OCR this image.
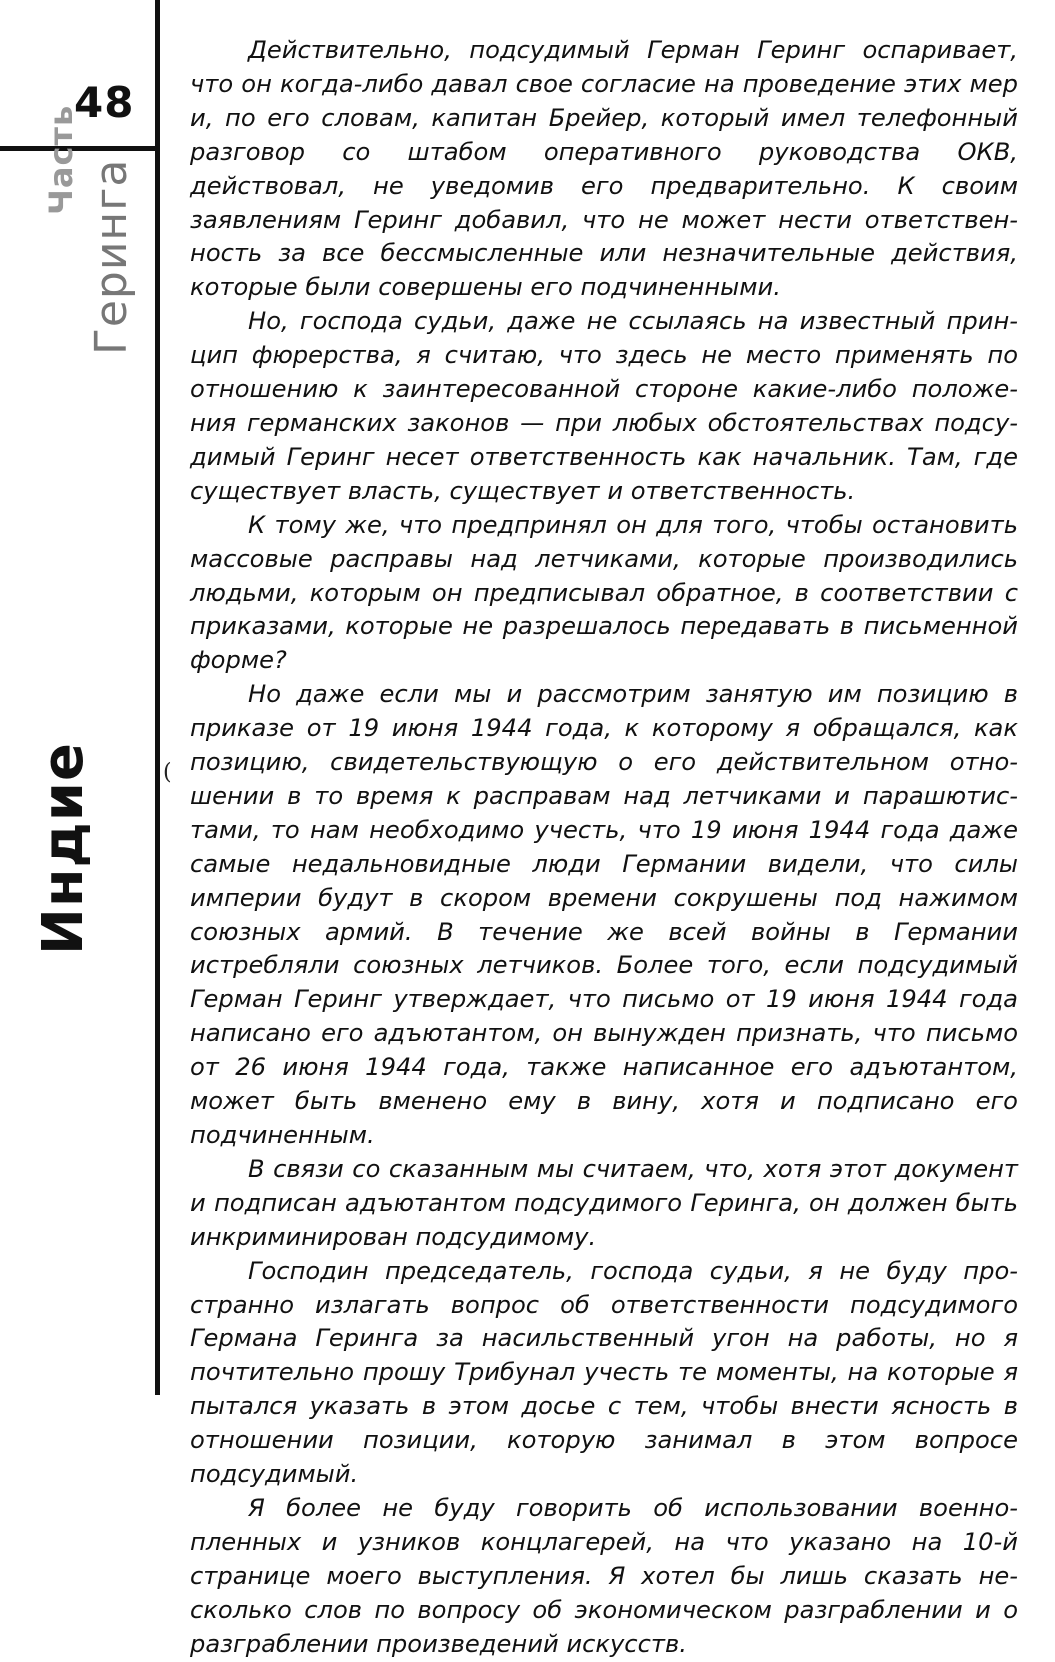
48
Часть Геринга
Индие	(

Действительно, подсудимый Герман Геринг оспаривает, что он когда-либо давал свое согласие на проведение этих мер и, по его словам, капитан Брейер, который имел телефонный разговор со штабом оперативного руководства ОКВ, действовал, не уведомив его предварительно. К своим заявлениям Геринг добавил, что не может нести ответственность за все бессмысленные или незначительные действия, которые были совершены его подчиненными.

Но, господа судьи, даже не ссылаясь на известный принцип фюрерства, я считаю, что здесь не место применять по отношению к заинтересованной стороне какие-либо положения германских законов — при любых обстоятельствах подсудимый Геринг несет ответственность как начальник. Там, где существует власть, существует и ответственность.

К тому же, что предпринял он для того, чтобы остановить массовые расправы над летчиками, которые производились людьми, которым он предписывал обратное, в соответствии с приказами, которые не разрешалось передавать в письменной форме?

Но даже если мы и рассмотрим занятую им позицию в приказе от 19 июня 1944 года, к которому я обращался, как позицию, свидетельствующую о его действительном отношении в то время к расправам над летчиками и парашютистами, то нам необходимо учесть, что 19 июня 1944 года даже самые недальновидные люди Германии видели, что силы империи будут в скором времени сокрушены под нажимом союзных армий. В течение же всей войны в Германии истребляли союзных летчиков. Более того, если подсудимый Герман Геринг утверждает, что письмо от 19 июня 1944 года написано его адъютантом, он вынужден признать, что письмо от 26 июня 1944 года, также написанное его адъютантом, может быть вменено ему в вину, хотя и подписано его подчиненным.

В связи со сказанным мы считаем, что, хотя этот документ и подписан адъютантом подсудимого Геринга, он должен быть инкриминирован подсудимому.

Господин председатель, господа судьи, я не буду пространно излагать вопрос об ответственности подсудимого Германа Геринга за насильственный угон на работы, но я почтительно прошу Трибунал учесть те моменты, на которые я пытался указать в этом досье с тем, чтобы внести ясность в отношении позиции, которую занимал в этом вопросе подсудимый.

Я более не буду говорить об использовании военнопленных и узников концлагерей, на что указано на 10-й странице моего выступления. Я хотел бы лишь сказать несколько слов по вопросу об экономическом разграблении и о разграблении произведений искусств.
